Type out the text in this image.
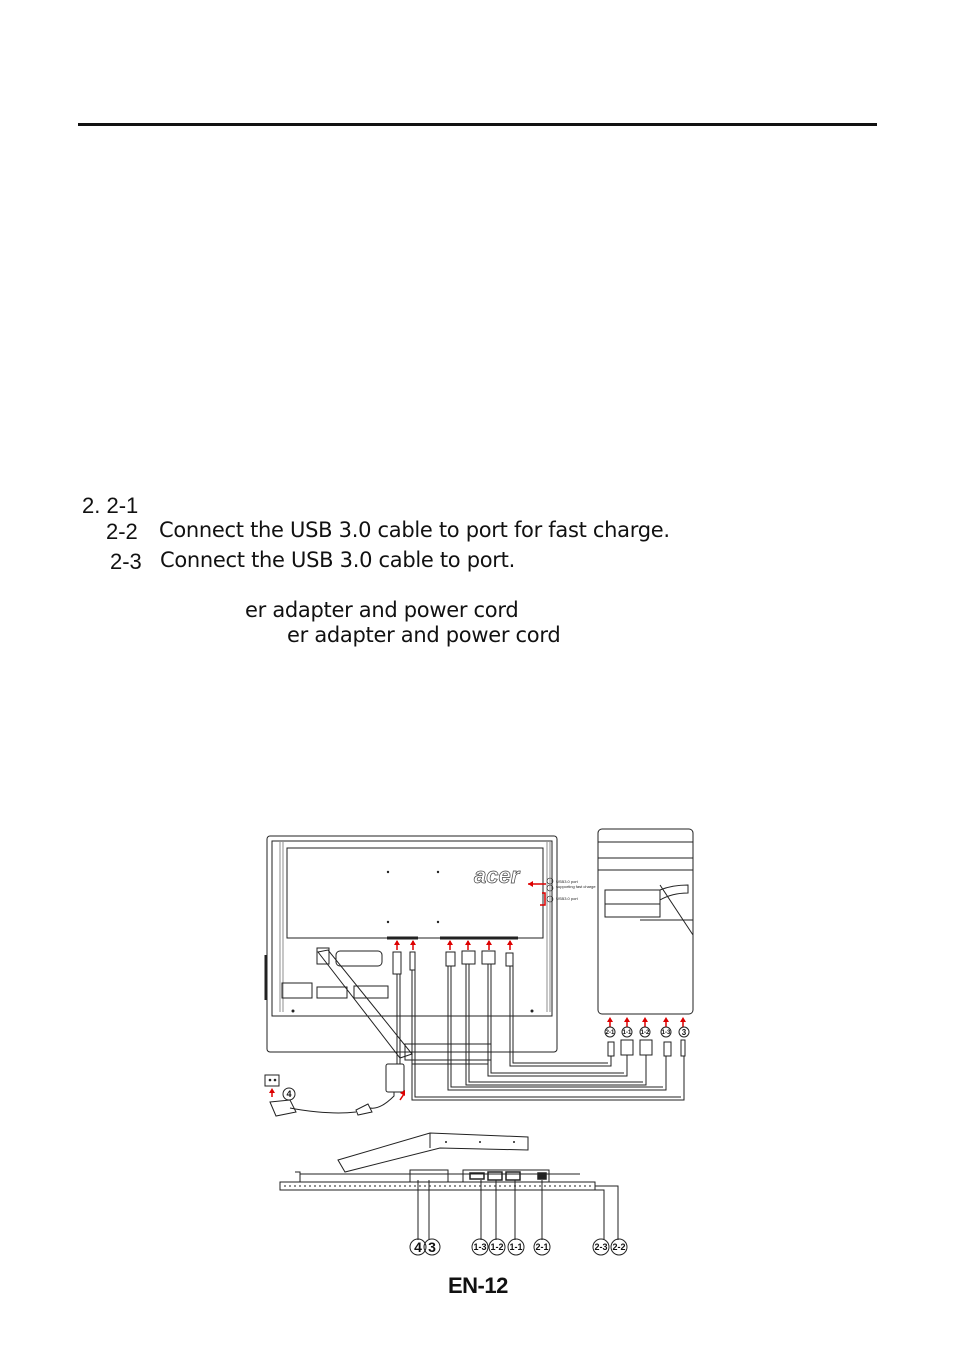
2. 2-1
2-2 Connect the USB 3.0 cable to port for fast charge.
2-3 Connect the USB 3.0 cable to port.
er adapter and power cord
er adapter and power cord
acer	USB3.0 port
supporting fast charge
USB3.0 port
2-1 1-1 1-2 1-3 3
4
4 3	1-3 1-2 1-1 2-1	2-3 2-2
EN-12
